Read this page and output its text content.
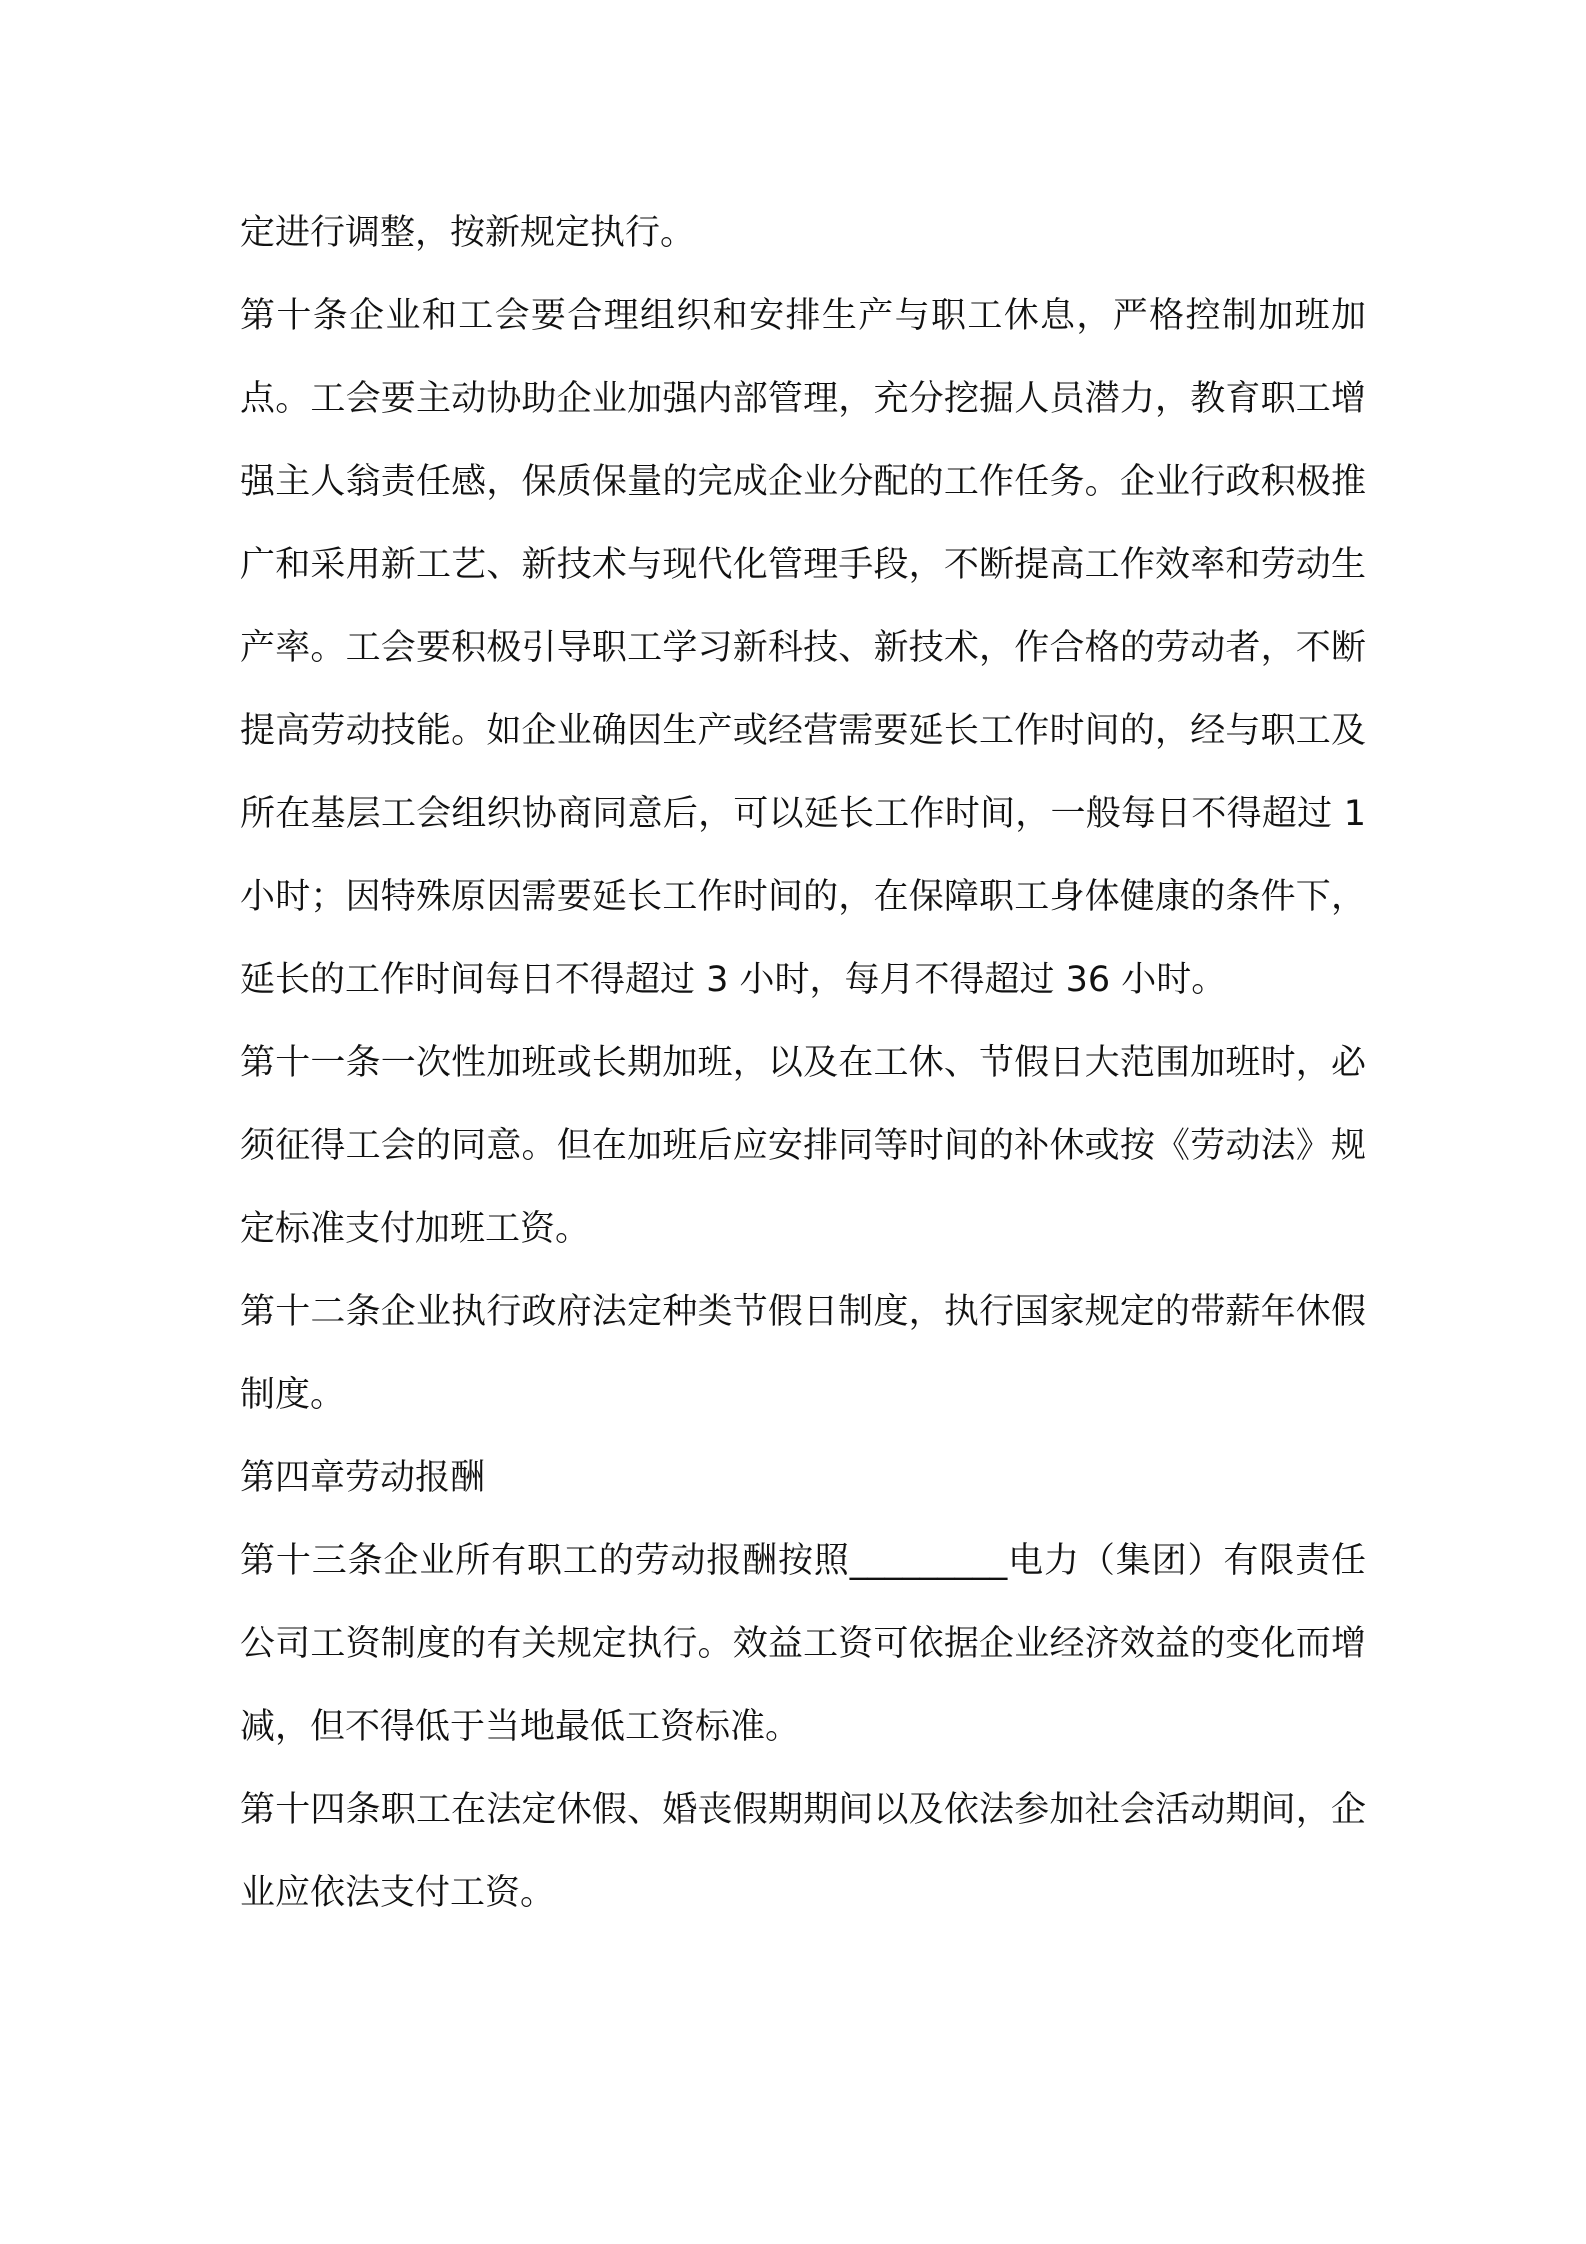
定进行调整，按新规定执行。

第十条企业和工会要合理组织和安排生产与职工休息，严格控制加班加点。工会要主动协助企业加强内部管理，充分挖掘人员潜力，教育职工增强主人翁责任感，保质保量的完成企业分配的工作任务。企业行政积极推广和采用新工艺、新技术与现代化管理手段，不断提高工作效率和劳动生产率。工会要积极引导职工学习新科技、新技术，作合格的劳动者，不断提高劳动技能。如企业确因生产或经营需要延长工作时间的，经与职工及所在基层工会组织协商同意后，可以延长工作时间，一般每日不得超过 1 小时；因特殊原因需要延长工作时间的，在保障职工身体健康的条件下，延长的工作时间每日不得超过 3 小时，每月不得超过 36 小时。

第十一条一次性加班或长期加班，以及在工休、节假日大范围加班时，必须征得工会的同意。但在加班后应安排同等时间的补休或按《劳动法》规定标准支付加班工资。

第十二条企业执行政府法定种类节假日制度，执行国家规定的带薪年休假制度。

第四章劳动报酬

第十三条企业所有职工的劳动报酬按照_________电力（集团）有限责任公司工资制度的有关规定执行。效益工资可依据企业经济效益的变化而增减，但不得低于当地最低工资标准。

第十四条职工在法定休假、婚丧假期期间以及依法参加社会活动期间，企业应依法支付工资。
